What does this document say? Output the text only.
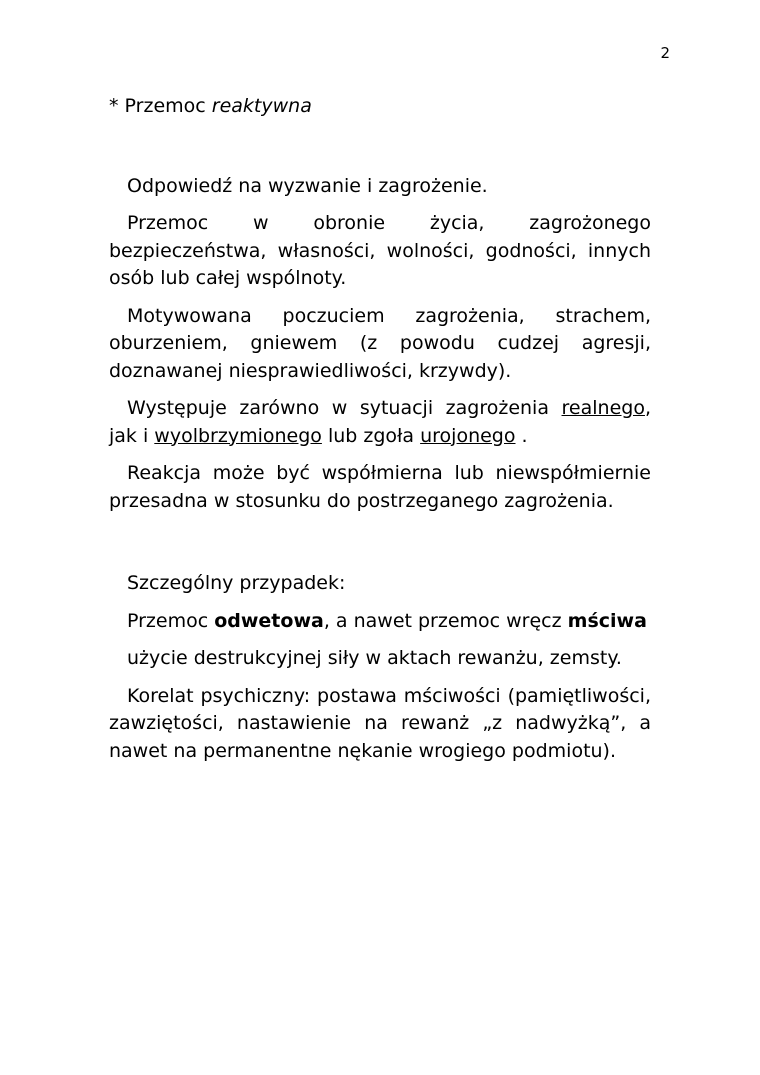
2

* Przemoc reaktywna

Odpowiedź na wyzwanie i zagrożenie.

Przemoc w obronie życia, zagrożonego bezpieczeństwa, własności, wolności, godności, innych osób lub całej wspólnoty.

Motywowana poczuciem zagrożenia, strachem, oburzeniem, gniewem (z powodu cudzej agresji, doznawanej niesprawiedliwości, krzywdy).

Występuje zarówno w sytuacji zagrożenia realnego, jak i wyolbrzymionego lub zgoła urojonego .

Reakcja może być współmierna lub niewspółmiernie przesadna w stosunku do postrzeganego zagrożenia.

Szczególny przypadek:

Przemoc odwetowa, a nawet przemoc wręcz mściwa

użycie destrukcyjnej siły w aktach rewanżu, zemsty.

Korelat psychiczny: postawa mściwości (pamiętliwości, zawziętości, nastawienie na rewanż „z nadwyżką”, a nawet na permanentne nękanie wrogiego podmiotu).
